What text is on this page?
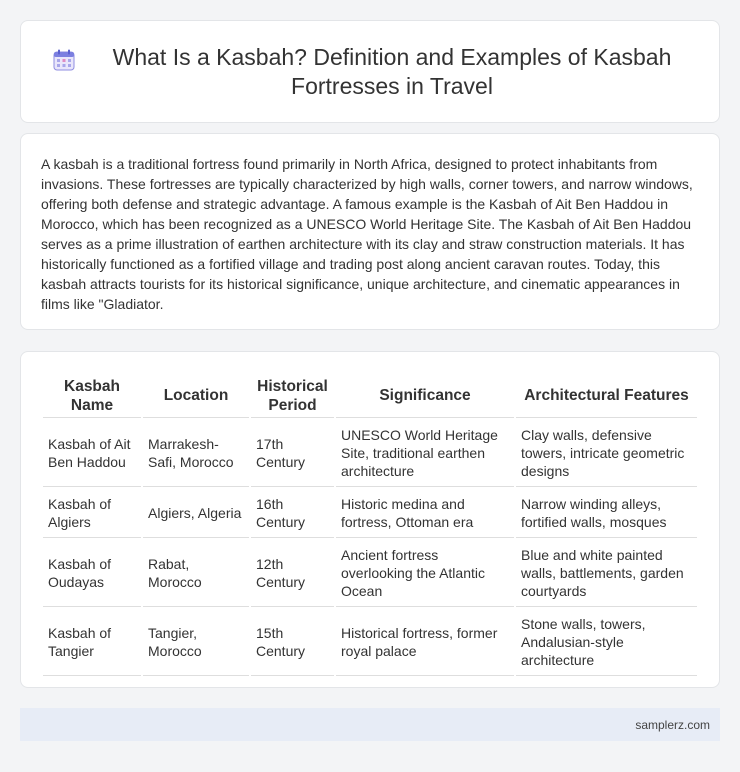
What Is a Kasbah? Definition and Examples of Kasbah Fortresses in Travel

A kasbah is a traditional fortress found primarily in North Africa, designed to protect inhabitants from invasions. These fortresses are typically characterized by high walls, corner towers, and narrow windows, offering both defense and strategic advantage. A famous example is the Kasbah of Ait Ben Haddou in Morocco, which has been recognized as a UNESCO World Heritage Site. The Kasbah of Ait Ben Haddou serves as a prime illustration of earthen architecture with its clay and straw construction materials. It has historically functioned as a fortified village and trading post along ancient caravan routes. Today, this kasbah attracts tourists for its historical significance, unique architecture, and cinematic appearances in films like "Gladiator.

Kasbah Name	Location	Historical Period	Significance	Architectural Features
Kasbah of Ait Ben Haddou	Marrakesh-Safi, Morocco	17th Century	UNESCO World Heritage Site, traditional earthen architecture	Clay walls, defensive towers, intricate geometric designs
Kasbah of Algiers	Algiers, Algeria	16th Century	Historic medina and fortress, Ottoman era	Narrow winding alleys, fortified walls, mosques
Kasbah of Oudayas	Rabat, Morocco	12th Century	Ancient fortress overlooking the Atlantic Ocean	Blue and white painted walls, battlements, garden courtyards
Kasbah of Tangier	Tangier, Morocco	15th Century	Historical fortress, former royal palace	Stone walls, towers, Andalusian-style architecture
samplerz.com
